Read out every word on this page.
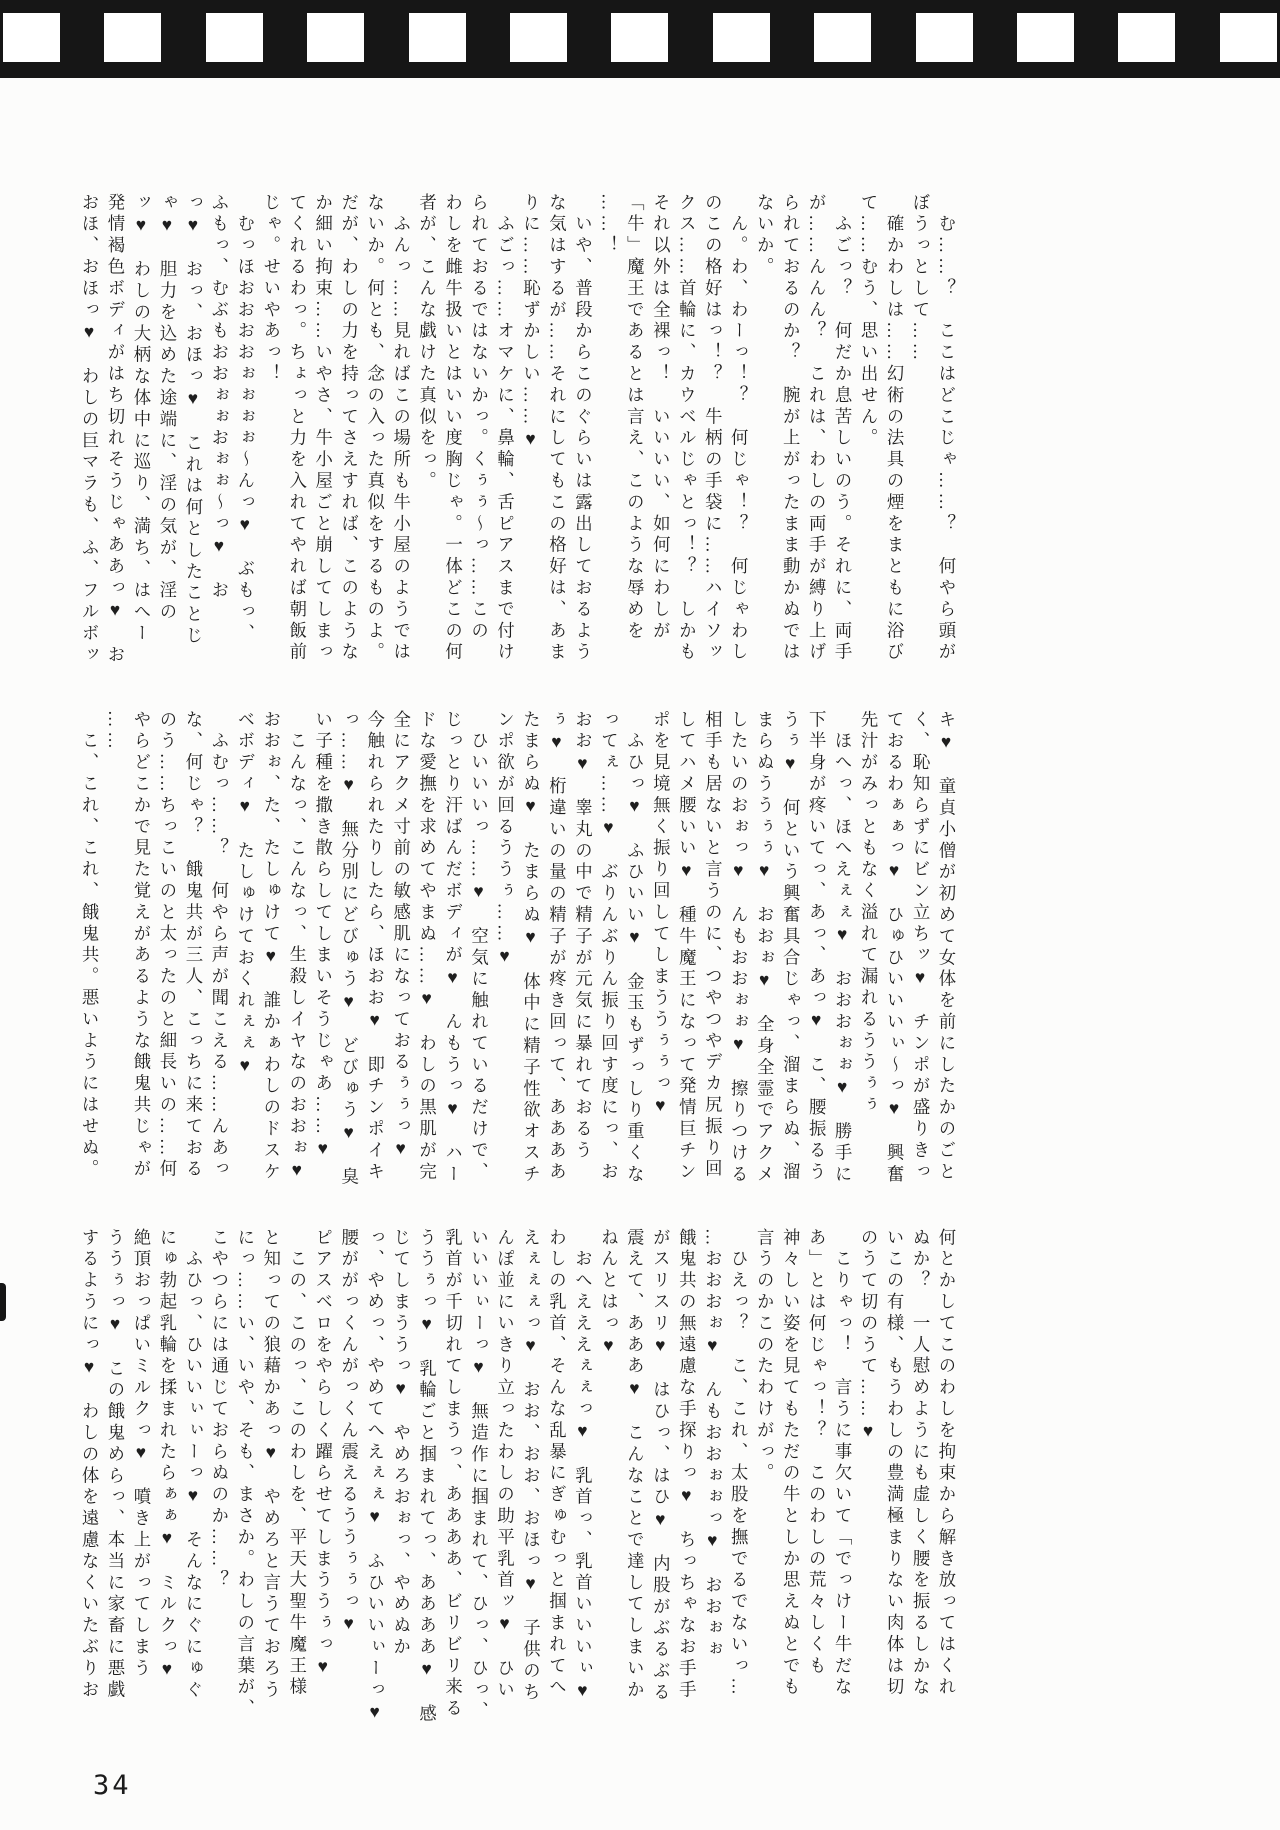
　む……？　ここはどこじゃ……？　何やら頭が
ぼうっとして……
　確かわしは……幻術の法具の煙をまともに浴び
て……むう、思い出せん。
　ふごっ？　何だか息苦しいのう。それに、両手
が……んんん？　これは、わしの両手が縛り上げ
られておるのか？　腕が上がったまま動かぬでは
ないか。
　ん。わ、わーっ！？　何じゃ！？　何じゃわし
のこの格好はっ！？　牛柄の手袋に……ハイソッ
クス……首輪に、カウベルじゃとっ！？　しかも
それ以外は全裸っ！　いいいい、如何にわしが
「牛」魔王であるとは言え、このような辱めを
……！
　いや、普段からこのぐらいは露出しておるよう
な気はするが……それにしてもこの格好は、あま
りに……恥ずかしい……♥
　ふごっ……オマケに、鼻輪、舌ピアスまで付け
られておるではないかっ。くぅぅ～っ……この
わしを雌牛扱いとはいい度胸じゃ。一体どこの何
者が、こんな戯けた真似をっ。
　ふんっ……見ればこの場所も牛小屋のようでは
ないか。何とも、念の入った真似をするものよ。
だが、わしの力を持ってさえすれば、このような
か細い拘束……いやさ、牛小屋ごと崩してしまっ
てくれるわっ。ちょっと力を入れてやれば朝飯前
じゃ。せいやあっ！
　むっほおおおおぉぉぉぉ～んっ♥　ぶもっ、
ふもっ、むぶもおおぉぉおぉぉ～っ♥　お
っ♥　おっ、おほっ♥　これは何としたことじ
ゃ♥　胆力を込めた途端に、淫の気が、淫の
ッ♥　わしの大柄な体中に巡り、満ち、はへー
発情褐色ボディがはち切れそうじゃああっ♥　お
おほ、おほっ♥　わしの巨マラも、ふ、フルボッ
キ♥　童貞小僧が初めて女体を前にしたかのごと
く、恥知らずにビン立ちッ♥　チンポが盛りきっ
ておるわぁぁっ♥　ひゅひいいいぃ～っ♥　興奮
先汁がみっともなく溢れて漏れるううぅぅ
　ほへっ、ほへえぇぇ♥　おおおぉぉ♥　勝手に
下半身が疼いてっ、あっ、あっ♥　こ、腰振るう
うぅ♥　何という興奮具合じゃっ、溜まらぬ、溜
まらぬううぅぅ♥　おおぉ♥　全身全霊でアクメ
したいのおぉっ♥　んもおおぉぉ♥　擦りつける
相手も居ないと言うのに、つやつやデカ尻振り回
してハメ腰いい♥　種牛魔王になって発情巨チン
ポを見境無く振り回してしまううぅぅっ♥
　ふひっ♥　ふひいい♥　金玉もずっしり重くな
ってぇ……♥　ぶりんぶりん振り回す度にっ、お
おお♥　睾丸の中で精子が元気に暴れておるう
ぅ♥　桁違いの量の精子が疼き回って、ああああ
たまらぬ♥　たまらぬ♥　体中に精子性欲オスチ
ンポ欲が回るううぅ……♥
　ひいいいっ……♥　空気に触れているだけで、
じっとり汗ばんだボディが♥　んもうっ♥　ハー
ドな愛撫を求めてやまぬ……♥　わしの黒肌が完
全にアクメ寸前の敏感肌になっておるぅぅっ♥
今触れられたりしたら、ほおお♥　即チンポイキ
っ……♥　無分別にどびゅう♥　どびゅう♥　臭
い子種を撒き散らしてしまいそうじゃあ……♥
　こんなっ、こんなっ、生殺しイヤなのおおぉ♥
おおぉ、た、たしゅけて♥　誰かぁわしのドスケ
ベボディ♥　たしゅけておくれぇぇ♥
　ふむっ……？　何やら声が聞こえる……んあっ
な、何じゃ？　餓鬼共が三人、こっちに来ておる
のう……ちっこいのと太ったのと細長いの……何
やらどこかで見た覚えがあるような餓鬼共じゃが
……
　こ、これ、これ、餓鬼共。悪いようにはせぬ。
何とかしてこのわしを拘束から解き放ってはくれ
ぬか？　一人慰めようにも虚しく腰を振るしかな
いこの有様、もうわしの豊満極まりない肉体は切
のうて切のうて……♥
　こりゃっ！　言うに事欠いて「でっけー牛だな
あ」とは何じゃっ！？　このわしの荒々しくも
神々しい姿を見てもただの牛としか思えぬとでも
言うのかこのたわけがっ。
　ひえっ？　こ、これ、太股を撫でるでないっ…
…おおおぉ♥　んもおおぉぉっ♥　おおぉぉ
餓鬼共の無遠慮な手探りっ♥　ちっちゃなお手手
がスリスリ♥　はひっ、はひ♥　内股がぶるぶる
震えて、あああ♥　こんなことで達してしまいか
ねんとはっ♥
　おへえええぇぇっ♥　乳首っ、乳首いいいぃ♥
わしの乳首、そんな乱暴にぎゅむっと掴まれてへ
えぇぇぇっ♥　おお、おお、おほっ♥　子供のち
んぽ並にいきり立ったわしの助平乳首ッ♥　ひい
いいいぃーっ♥　無造作に掴まれて、ひっ、ひっ、
乳首が千切れてしまうっ、ああああ、ビリビリ来る
ううぅっ♥　乳輪ごと掴まれてっ、ああああ♥　感
じてしまううっ♥　やめろおぉっ、やめぬか
っ、やめっ、やめてへえぇぇ♥　ふひいいぃーっ♥
腰ががっくんがっくん震えるううぅぅっ♥
ピアスベロをやらしく躍らせてしまううぅっ♥
　この、このっ、このわしを、平天大聖牛魔王様
と知っての狼藉かあっ♥　やめろと言うておろう
にっ……い、いや、そも、まさか。わしの言葉が、
こやつらには通じておらぬのか……？
　ふひっ、ひいいぃぃーっ♥　そんなにぐにゅぐ
にゅ勃起乳輪を揉まれたらぁぁ♥　ミルクっ♥
絶頂おっぱいミルクっ♥　噴き上がってしまう
ううぅっ♥　この餓鬼めらっ、本当に家畜に悪戯
するようにっ♥　わしの体を遠慮なくいたぶりお
34
